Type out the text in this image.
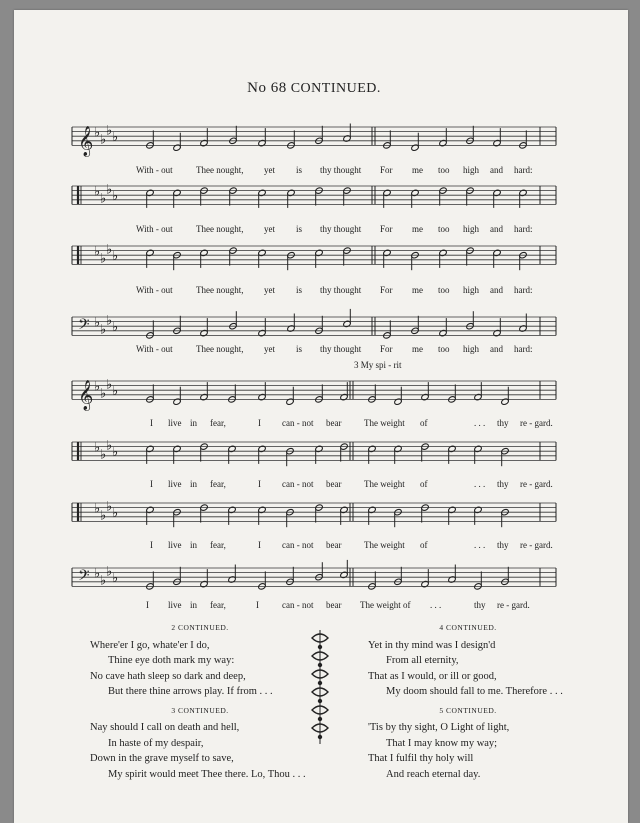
No 68 CONTINUED.
𝄞 ♭ ♭
♭ ♭
♭ ♭
♭ ♭
♭ ♭
♭ ♭
𝄢 ♭ ♭
♭ ♭
𝄞 ♭ ♭
♭ ♭
♭ ♭
♭ ♭
♭ ♭
♭ ♭
𝄢 ♭ ♭
♭ ♭
With - out	Thee nought, yet is thy thought For me too high and hard:
With - out	Thee nought, yet is thy thought For me too high and hard:
With - out	Thee nought, yet is thy thought For me too high and hard:
With - out	Thee nought, yet is thy thought For me too high and hard:
I live in fear,	I can - not bear	The weight of	. . . thy re - gard.
I live in fear,	I can - not bear	The weight of	. . . thy re - gard.
I live in fear,	I can - not bear	The weight of	. . . thy re - gard.
I live in fear,	I	can - not bear The weight of . . .	thy re - gard.
3 My spi - rit
2 CONTINUED.
Where'er I go, whate'er I do,
Thine eye doth mark my way:
No cave hath sleep so dark and deep,
But there thine arrows play. If from . . .
3 CONTINUED.
Nay should I call on death and hell,
In haste of my despair,
Down in the grave myself to save,
My spirit would meet Thee there. Lo, Thou . . .
4 CONTINUED.
Yet in thy mind was I design'd
From all eternity,
That as I would, or ill or good,
My doom should fall to me. Therefore . . .
5 CONTINUED.
'Tis by thy sight, O Light of light,
That I may know my way;
That I fulfil thy holy will
And reach eternal day.
